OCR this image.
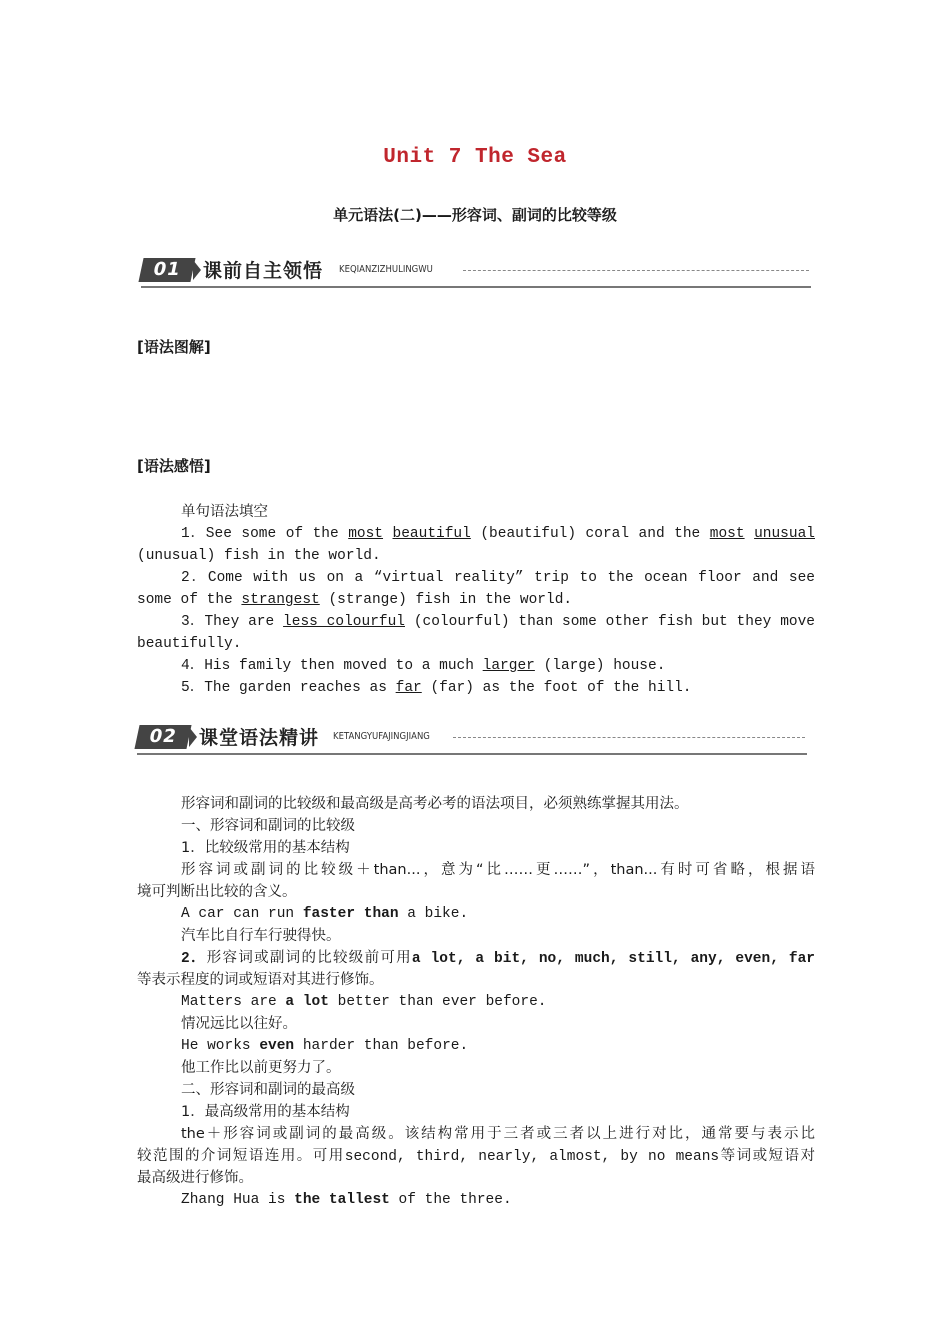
Unit 7 The Sea
单元语法(二)——形容词、副词的比较等级
01	课前自主领悟 KEQIANZIZHULINGWU
[语法图解]
[语法感悟]
单句语法填空
1．See some of the most beautiful (beautiful) coral and the most unusual
(unusual) fish in the world.
2．Come with us on a “virtual reality” trip to the ocean floor and see
some of the strangest (strange) fish in the world.
3．They are less colourful (colourful) than some other fish but they move
beautifully.
4．His family then moved to a much larger (large) house.
5．The garden reaches as far (far) as the foot of the hill.
02	课堂语法精讲 KETANGYUFAJINGJIANG
形容词和副词的比较级和最高级是高考必考的语法项目，必须熟练掌握其用法。
一、形容词和副词的比较级
1．比较级常用的基本结构
形容词或副词的比较级＋than...，意为“比……更……”，than...有时可省略，根据语
境可判断出比较的含义。
A car can run faster than a bike.
汽车比自行车行驶得快。
2．形容词或副词的比较级前可用a lot, a bit, no, much, still, any, even, far
等表示程度的词或短语对其进行修饰。
Matters are a lot better than ever before.
情况远比以往好。
He works even harder than before.
他工作比以前更努力了。
二、形容词和副词的最高级
1．最高级常用的基本结构
the＋形容词或副词的最高级。该结构常用于三者或三者以上进行对比，通常要与表示比
较范围的介词短语连用。可用second, third, nearly, almost, by no means等词或短语对
最高级进行修饰。
Zhang Hua is the tallest of the three.
